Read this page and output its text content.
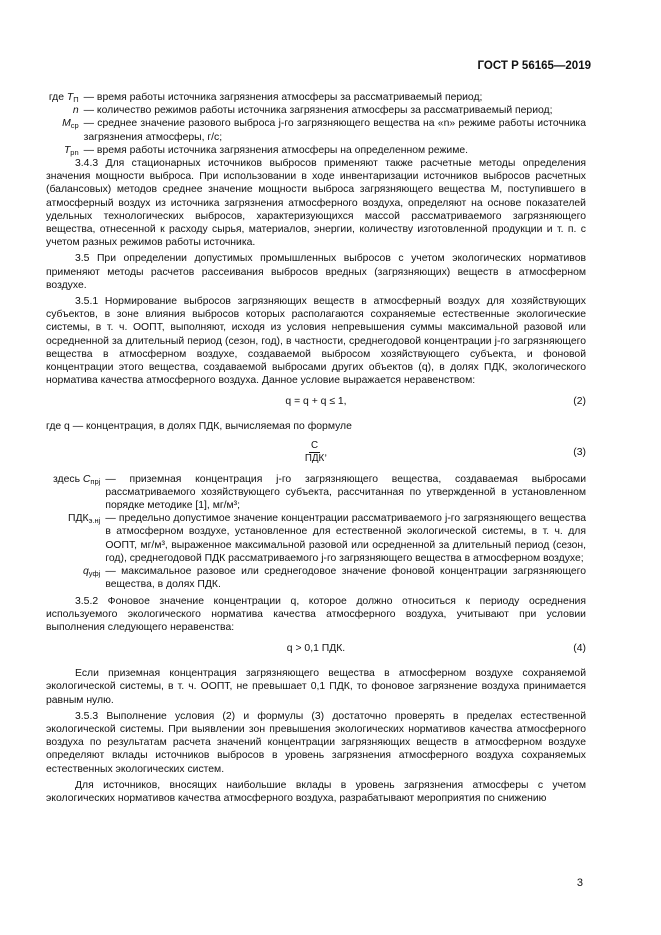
ГОСТ Р 56165—2019
где $T_П$ — время работы источника загрязнения атмосферы за рассматриваемый период;
n — количество режимов работы источника загрязнения атмосферы за рассматриваемый период;
$M_{ср}$ — среднее значение разового выброса j-го загрязняющего вещества на «n» режиме работы источника загрязнения атмосферы, г/с;
$T_{pn}$ — время работы источника загрязнения атмосферы на определенном режиме.

3.4.3 Для стационарных источников выбросов применяют также расчетные методы определения значения мощности выброса. При использовании в ходе инвентаризации источников выбросов расчетных (балансовых) методов среднее значение мощности выброса загрязняющего вещества M, поступившего в атмосферный воздух из источника загрязнения атмосферного воздуха, определяют на основе показателей удельных технологических выбросов, характеризующихся массой рассматриваемого загрязняющего вещества, отнесенной к расходу сырья, материалов, энергии, количеству изготовленной продукции и т. п. с учетом разных режимов работы источника.

3.5 При определении допустимых промышленных выбросов с учетом экологических нормативов применяют методы расчетов рассеивания выбросов вредных (загрязняющих) веществ в атмосферном воздухе.

3.5.1 Нормирование выбросов загрязняющих веществ в атмосферный воздух для хозяйствующих субъектов, в зоне влияния выбросов которых располагаются сохраняемые естественные экологические системы, в т. ч. ООПТ, выполняют, исходя из условия непревышения суммы максимальной разовой или осредненной за длительный период (сезон, год), в частности, среднегодовой концентрации j-го загрязняющего вещества в атмосферном воздухе, создаваемой выбросом хозяйствующего субъекта, и фоновой концентрации этого вещества, создаваемой выбросами других объектов (q), в долях ПДК, экологического норматива качества атмосферного воздуха. Данное условие выражается неравенством:

q = q + q ≤ 1,	(2)

где q — концентрация, в долях ПДК, вычисляемая по формуле

$\frac{C}{\text{ПДК}}$ ,	(3)
здесь $C_{прj}$ — приземная концентрация j-го загрязняющего вещества, создаваемая выбросами рассматриваемого хозяйствующего субъекта, рассчитанная по утвержденной в установленном порядке методике [1], мг/м³;
$ПДК_{э.нj}$ — предельно допустимое значение концентрации рассматриваемого j-го загрязняющего вещества в атмосферном воздухе, установленное для естественной экологической системы, в т. ч. для ООПТ, мг/м³, выраженное максимальной разовой или осредненной за длительный период (сезон, год), среднегодовой ПДК рассматриваемого j-го загрязняющего вещества в атмосферном воздухе;
$q_{уфj}$ — максимальное разовое или среднегодовое значение фоновой концентрации загрязняющего вещества, в долях ПДК.

3.5.2 Фоновое значение концентрации q, которое должно относиться к периоду осреднения используемого экологического норматива качества атмосферного воздуха, учитывают при условии выполнения следующего неравенства:

q > 0,1 ПДК.	(4)

Если приземная концентрация загрязняющего вещества в атмосферном воздухе сохраняемой экологической системы, в т. ч. ООПТ, не превышает 0,1 ПДК, то фоновое загрязнение воздуха принимается равным нулю.

3.5.3 Выполнение условия (2) и формулы (3) достаточно проверять в пределах естественной экологической системы. При выявлении зон превышения экологических нормативов качества атмосферного воздуха по результатам расчета значений концентрации загрязняющих веществ в атмосферном воздухе определяют вклады источников выбросов в уровень загрязнения атмосферного воздуха сохраняемых естественных экологических систем.

Для источников, вносящих наибольшие вклады в уровень загрязнения атмосферы с учетом экологических нормативов качества атмосферного воздуха, разрабатывают мероприятия по снижению

3
